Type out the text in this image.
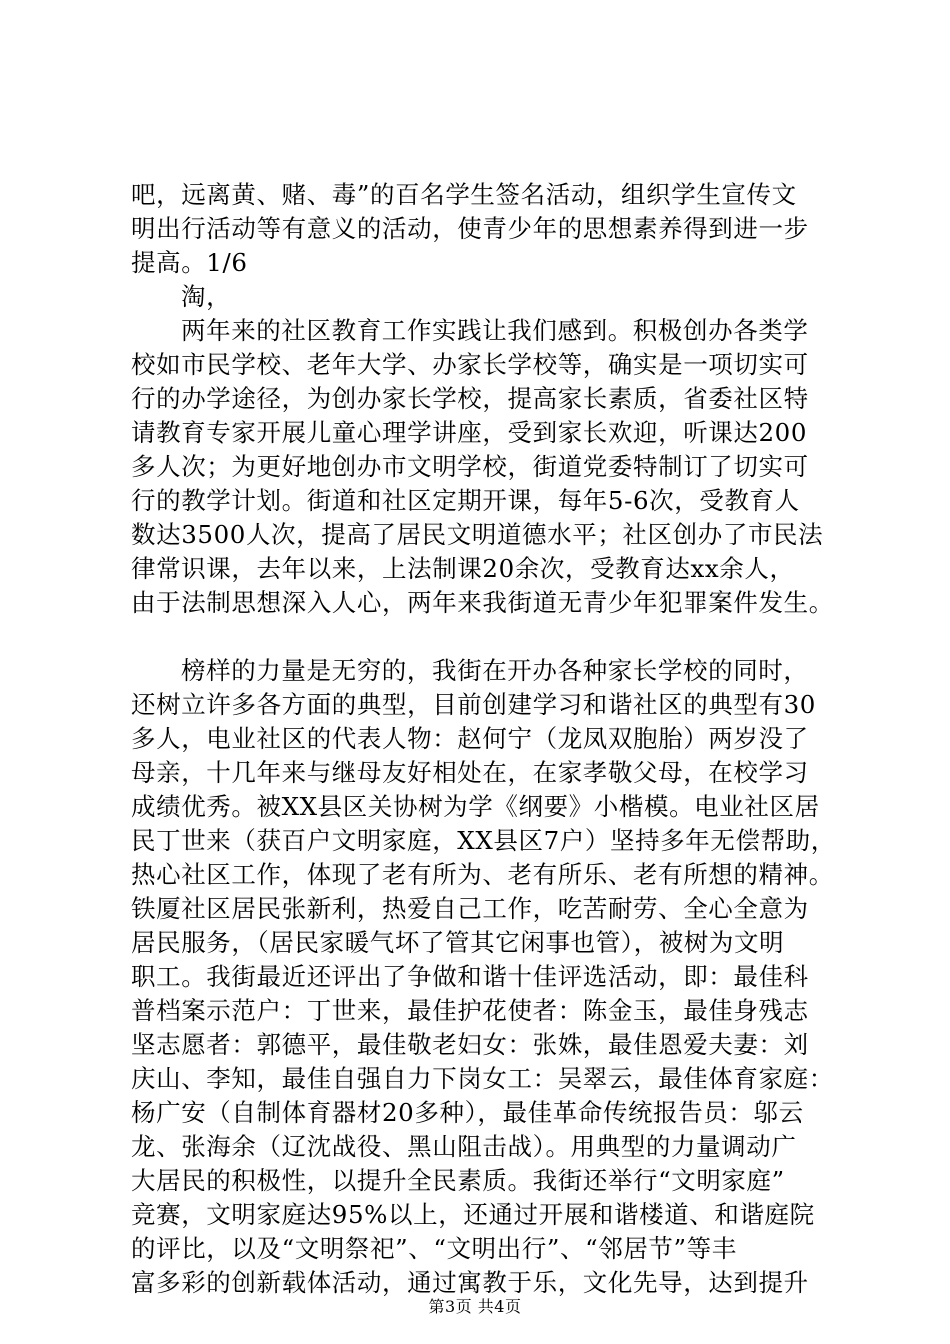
吧，远离黄、赌、毒”的百名学生签名活动，组织学生宣传文
明出行活动等有意义的活动，使青少年的思想素养得到进一步
提高。1/6
淘，
两年来的社区教育工作实践让我们感到。积极创办各类学
校如市民学校、老年大学、办家长学校等，确实是一项切实可
行的办学途径，为创办家长学校，提高家长素质，省委社区特
请教育专家开展儿童心理学讲座，受到家长欢迎，听课达200
多人次；为更好地创办市文明学校，街道党委特制订了切实可
行的教学计划。街道和社区定期开课，每年5-6次，受教育人
数达3500人次，提高了居民文明道德水平；社区创办了市民法
律常识课，去年以来，上法制课20余次，受教育达xx余人，
由于法制思想深入人心，两年来我街道无青少年犯罪案件发生。
榜样的力量是无穷的，我街在开办各种家长学校的同时，
还树立许多各方面的典型，目前创建学习和谐社区的典型有30
多人，电业社区的代表人物：赵何宁（龙凤双胞胎）两岁没了
母亲，十几年来与继母友好相处在，在家孝敬父母，在校学习
成绩优秀。被XX县区关协树为学《纲要》小楷模。电业社区居
民丁世来（获百户文明家庭，XX县区7户）坚持多年无偿帮助，
热心社区工作，体现了老有所为、老有所乐、老有所想的精神。
铁厦社区居民张新利，热爱自己工作，吃苦耐劳、全心全意为
居民服务，（居民家暖气坏了管其它闲事也管），被树为文明
职工。我街最近还评出了争做和谐十佳评选活动，即：最佳科
普档案示范户：丁世来，最佳护花使者：陈金玉，最佳身残志
坚志愿者：郭德平，最佳敬老妇女：张姝，最佳恩爱夫妻：刘
庆山、李知，最佳自强自力下岗女工：吴翠云，最佳体育家庭：
杨广安（自制体育器材20多种），最佳革命传统报告员：邬云
龙、张海余（辽沈战役、黑山阻击战）。用典型的力量调动广
大居民的积极性，以提升全民素质。我街还举行“文明家庭”
竞赛，文明家庭达95%以上，还通过开展和谐楼道、和谐庭院
的评比，以及“文明祭祀”、“文明出行”、“邻居节”等丰
富多彩的创新载体活动，通过寓教于乐，文化先导，达到提升
第3页 共4页
